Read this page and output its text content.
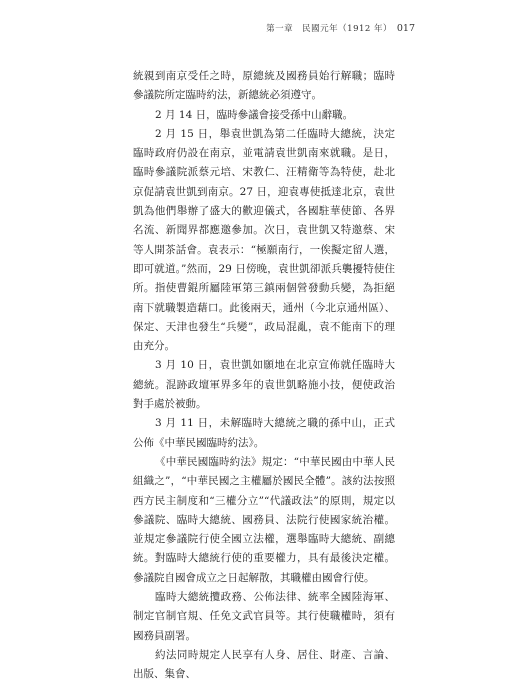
第一章　民國元年（1912 年） 017

統親到南京受任之時，原總統及國務員始行解職；臨時參議院所定臨時約法，新總統必須遵守。

2 月 14 日，臨時參議會接受孫中山辭職。

2 月 15 日，舉袁世凱為第二任臨時大總統，決定臨時政府仍設在南京，並電請袁世凱南來就職。是日，臨時參議院派蔡元培、宋教仁、汪精衛等為特使，赴北京促請袁世凱到南京。27 日，迎袁專使抵達北京，袁世凱為他們舉辦了盛大的歡迎儀式，各國駐華使節、各界名流、新聞界都應邀參加。次日，袁世凱又特邀蔡、宋等人開茶話會。袁表示：“極願南行，一俟擬定留人選，即可就道。”然而，29 日傍晚，袁世凱卻派兵襲擾特使住所。指使曹錕所屬陸軍第三鎮兩個營發動兵變，為拒絕南下就職製造藉口。此後兩天，通州（今北京通州區）、保定、天津也發生“兵變”，政局混亂，袁不能南下的理由充分。

3 月 10 日，袁世凱如願地在北京宣佈就任臨時大總統。混跡政壇軍界多年的袁世凱略施小技，便使政治對手處於被動。

3 月 11 日，未解臨時大總統之職的孫中山，正式公佈《中華民國臨時約法》。

《中華民國臨時約法》規定：“中華民國由中華人民組織之”，“中華民國之主權屬於國民全體”。該約法按照西方民主制度和“三權分立”“代議政法”的原則，規定以參議院、臨時大總統、國務員、法院行使國家統治權。並規定參議院行使全國立法權，選舉臨時大總統、副總統。對臨時大總統行使的重要權力，具有最後決定權。參議院自國會成立之日起解散，其職權由國會行使。

臨時大總統攬政務、公佈法律、統率全國陸海軍、制定官制官規、任免文武官員等。其行使職權時，須有國務員副署。

約法同時規定人民享有人身、居住、財產、言論、出版、集會、
